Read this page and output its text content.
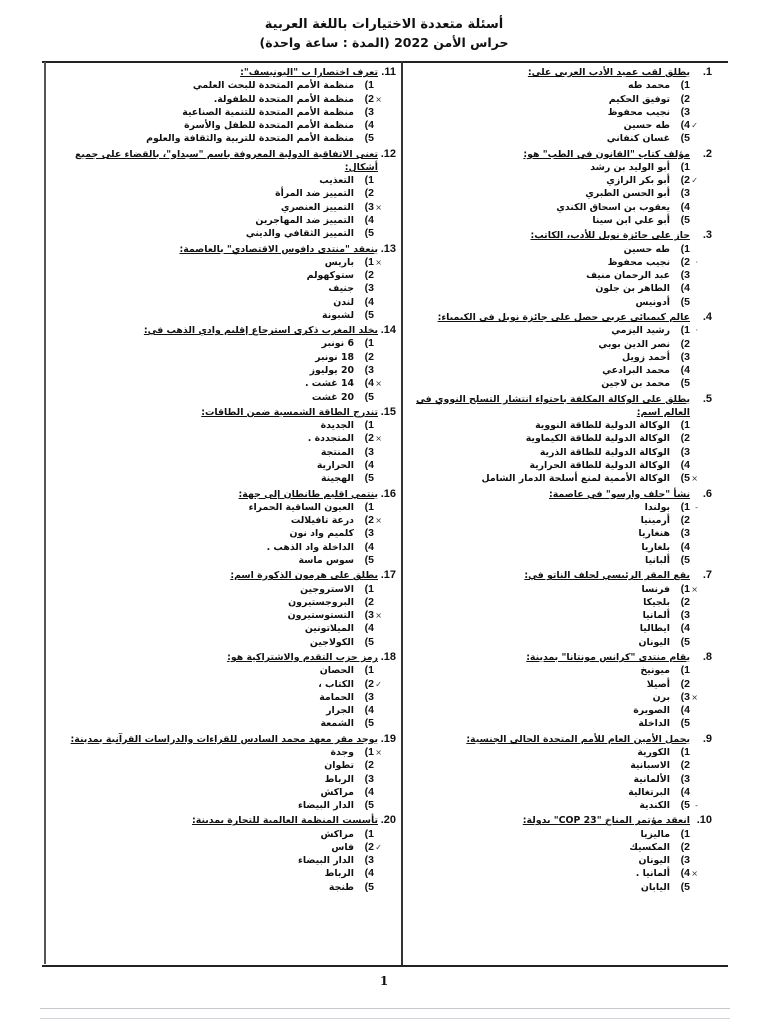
أسئلة متعددة الاختيارات باللغة العربية
حراس الأمن 2022 (المدة : ساعة واحدة)
1.
يطلق لقب عميد الأدب العربي على:
1)
محمد طه
2)
توفيق الحكيم
3)
نجيب محفوظ
4)
طه حسين	✓
5)
غسان كنفاني
2.
مؤلف كتاب "القانون في الطب" هو:
1)
أبو الوليد بن رشد
2)
أبو بكر الرازي	✓
3)
أبو الحسن الطبري
4)
يعقوب بن اسحاق الكندي
5)
أبو علي ابن سينا
3.
حاز على جائزة نوبل للأدب، الكاتب:
1)
طه حسين
2)
نجيب محفوظ	·
3)
عبد الرحمان منيف
4)
الطاهر بن جلون
5)
أدونيس
4.
عالم كيميائي عربي حصل على جائزة نوبل في الكيمياء:
1)
رشيد اليزمي	·
2)
نصر الدين بوبي
3)
أحمد زويل
4)
محمد البرادعي
5)
محمد بن لاجين
5.
يطلق على الوكالة المكلفة باحتواء انتشار التسلح النووي في العالم اسم:
1)
الوكالة الدولية للطاقة النووية
2)
الوكالة الدولية للطاقة الكيماوية
3)
الوكالة الدولية للطاقة الذرية
4)
الوكالة الدولية للطاقة الحرارية
5)
الوكالة الأممية لمنع أسلحة الدمار الشامل	×
6.
نشأ "حلف وارسو" في عاصمة:
1)
بولندا	-
2)
أرمينيا
3)
هنغاريا
4)
بلغاريا
5)
ألبانيا
7.
يقع المقر الرئيسي لحلف الناتو في:
1)
فرنسا	×
2)
بلجيكا
3)
ألمانيا
4)
ايطاليا
5)
اليونان
8.
يقام منتدى "كرانس مونتانا" بمدينة:
1)
ميونيخ
2)
أصيلا
3)
برن	×
4)
الصويرة
5)
الداخلة
9.
يحمل الأمين العام للأمم المتحدة الحالي الجنسية:
1)
الكورية
2)
الاسبانية
3)
الألمانية
4)
البرتغالية
5)
الكندية	-
10.
انعقد مؤتمر المناخ "COP 23" بدولة:
1)
ماليزيا
2)
المكسيك
3)
اليونان
4)
ألمانيا .	×
5)
اليابان
11.
تعرف اختصارا ب "اليونيسف":
1)
منظمة الأمم المتحدة للبحث العلمي
2)
منظمة الأمم المتحدة للطفولة.	×
3)
منظمة الأمم المتحدة للتنمية الصناعية
4)
منظمة الأمم المتحدة للطفل والأسرة
5)
منظمة الأمم المتحدة للتربية والثقافة والعلوم
12.
تعنى الاتفاقية الدولية المعروفة باسم "سيداو"، بالقضاء على جميع أشكال:
1)
التعذيب
2)
التمييز ضد المرأة
3)
التمييز العنصري	×
4)
التمييز ضد المهاجرين
5)
التمييز الثقافي والديني
13.
ينعقد "منتدى دافوس الاقتصادي" بالعاصمة:
1)
باريس	×
2)
ستوكهولم
3)
جنيف
4)
لندن
5)
لشبونة
14.
يخلد المغرب ذكرى استرجاع إقليم وادي الذهب في:
1)
6 نونبر
2)
18 نونبر
3)
20 يوليوز
4)
14 غشت .	×
5)
20 غشت
15.
تندرج الطاقة الشمسية ضمن الطاقات:
1)
الجديدة
2)
المتجددة .	×
3)
المنتجة
4)
الحرارية
5)
الهجينة
16.
ينتمي اقليم طانطان إلى جهة:
1)
العيون الساقية الحمراء
2)
درعة تافيلالت	×
3)
كلميم واد نون
4)
الداخلة واد الذهب .
5)
سوس ماسة
17.
يطلق على هرمون الذكورة اسم:
1)
الاستروجين
2)
البروجستيرون
3)
التستوستيرون	×
4)
الميلاتونين
5)
الكولاجين
18.
رمز حزب التقدم والاشتراكية هو:
1)
الحصان
2)
الكتاب ،	✓
3)
الحمامة
4)
الجرار
5)
الشمعة
19.
يوجد مقر معهد محمد السادس للقراءات والدراسات القرآنية بمدينة:
1)
وجدة	×
2)
تطوان
3)
الرباط
4)
مراكش
5)
الدار البيضاء
20.
تأسست المنظمة العالمية للتجارة بمدينة:
1)
مراكش
2)
فاس	✓
3)
الدار البيضاء
4)
الرباط
5)
طنجة
1
